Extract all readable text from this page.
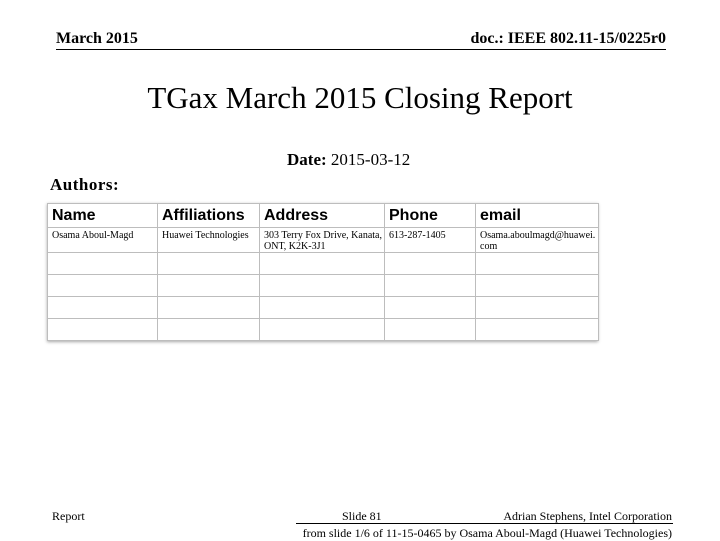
March 2015	doc.: IEEE 802.11-15/0225r0
TGax March 2015 Closing Report
Date: 2015-03-12
Authors:
Name	Affiliations	Address	Phone	email
Osama Aboul-Magd	Huawei Technologies	303 Terry Fox Drive, Kanata, ONT, K2K-3J1	613-287-1405	Osama.aboulmagd@huawei.com

Report	Slide 81	Adrian Stephens, Intel Corporation
from slide 1/6 of 11-15-0465 by Osama Aboul-Magd (Huawei Technologies)
